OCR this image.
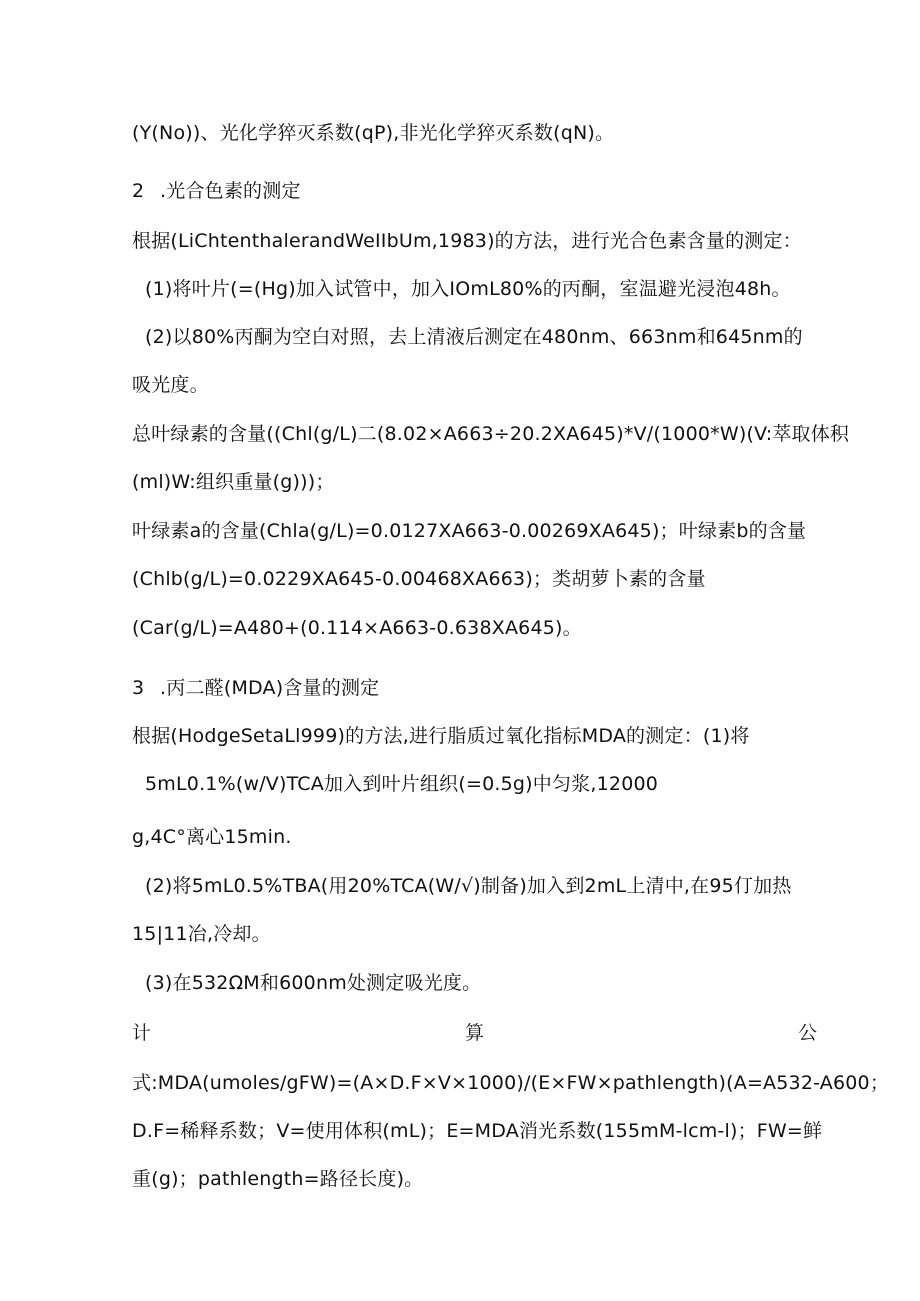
(Y(No))、光化学猝灭系数(qP),非光化学猝灭系数(qN)。
2 .光合色素的测定
根据(LiChtenthalerandWeIIbUm,1983)的方法，进行光合色素含量的测定：
(1)将叶片(=(Hg)加入试管中，加入IOmL80%的丙酮，室温避光浸泡48h。
(2)以80%丙酮为空白对照，去上清液后测定在480nm、663nm和645nm的
吸光度。
总叶绿素的含量((Chl(g∕L)二(8.02×A663÷20.2XA645)*V∕(1000*W)(V:萃取体积
(ml)W:组织重量(g)))；
叶绿素a的含量(Chla(g∕L)=0.0127XA663-0.00269XA645)；叶绿素b的含量
(Chlb(g∕L)=0.0229XA645-0.00468XA663)；类胡萝卜素的含量
(Car(g∕L)=A480+(0.114×A663-0.638XA645)。
3 .丙二醛(MDA)含量的测定
根据(HodgeSetaLl999)的方法,进行脂质过氧化指标MDA的测定：(1)将
5mL0.1%(w∕V)TCA加入到叶片组织(=0.5g)中匀浆,12000
g,4C°离心15min.
(2)将5mL0.5%TBA(用20%TCA(W∕√)制备)加入到2mL上清中,在95仃加热
15|11冶,冷却。
(3)在532ΩM和600nm处测定吸光度。
计	算	公
式:MDA(umoles/gFW)=(A×D.F×V×1000)/(E×FW×pathlength)(A=A532-A600；
D.F=稀释系数；V=使用体积(mL)；E=MDA消光系数(155mM-lcm-l)；FW=鲜
重(g)；pathlength=路径长度)。
